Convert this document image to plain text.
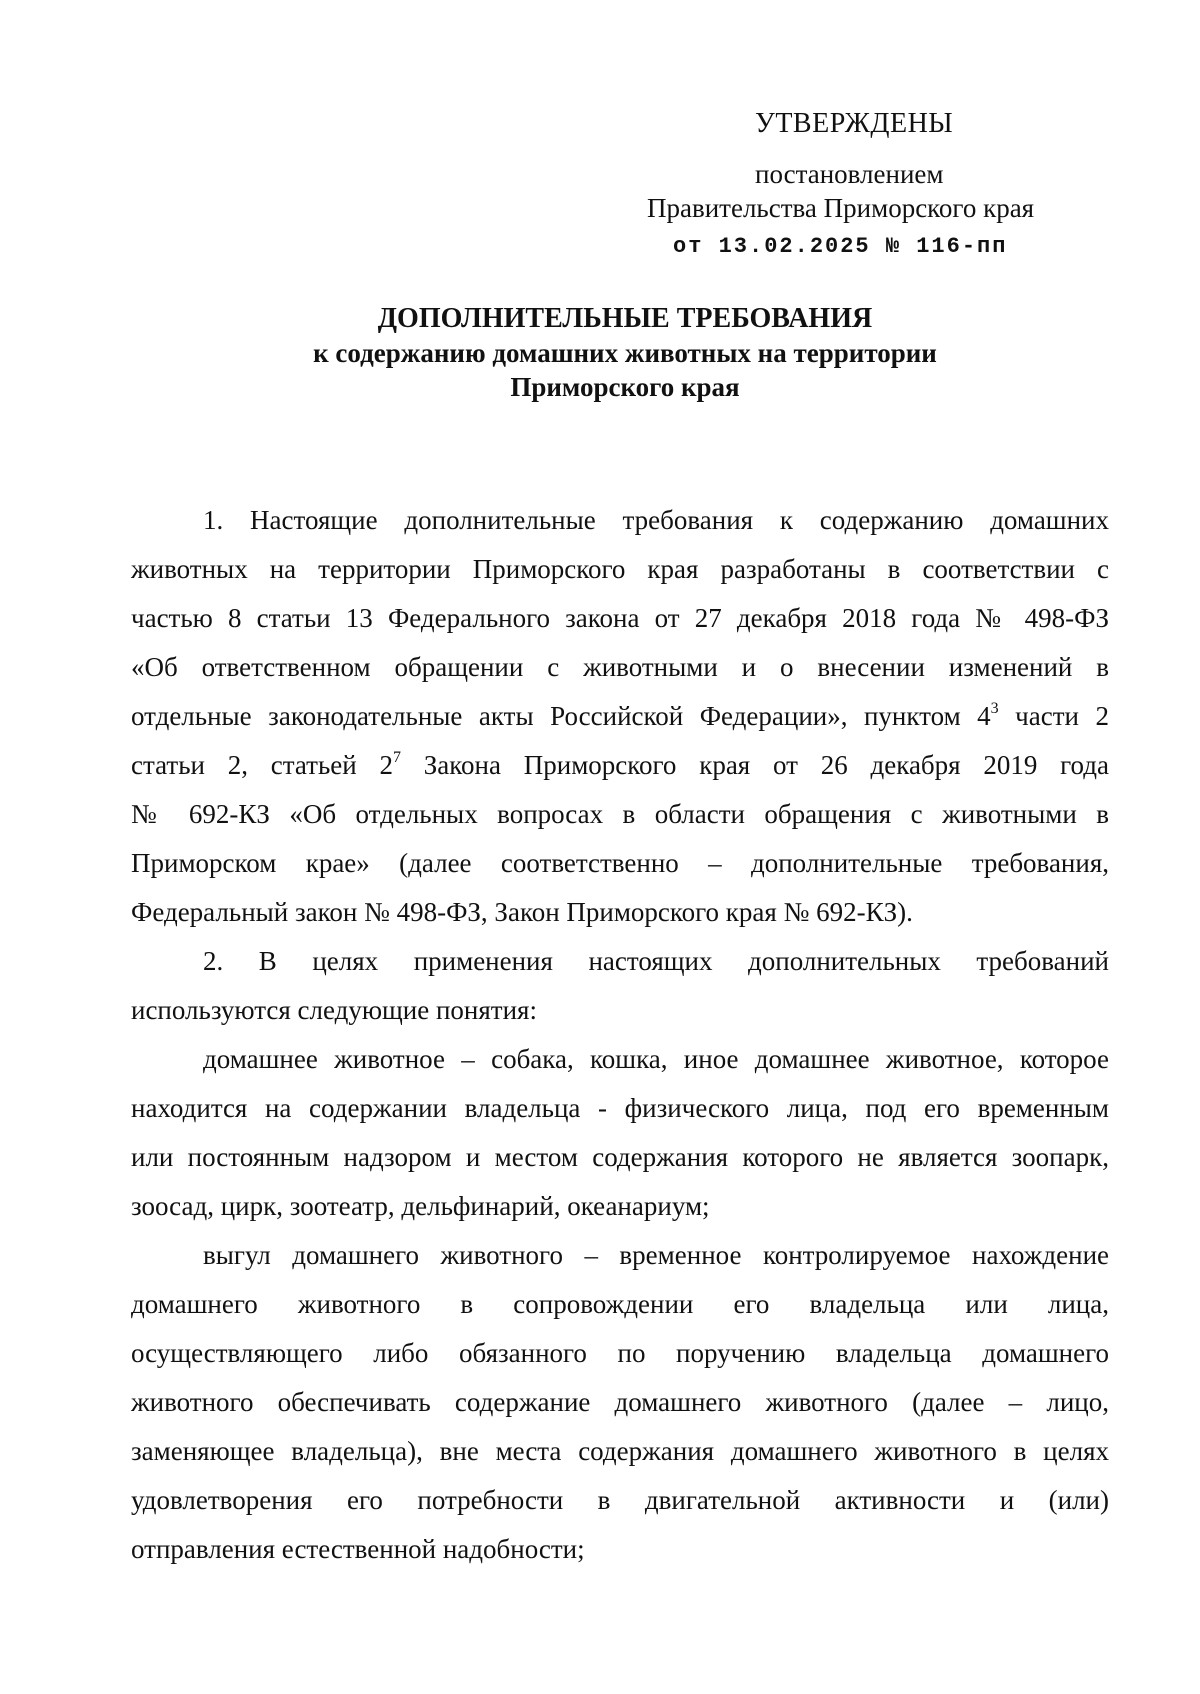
УТВЕРЖДЕНЫ
постановлением
Правительства Приморского края
от 13.02.2025 № 116-пп
ДОПОЛНИТЕЛЬНЫЕ ТРЕБОВАНИЯ
к содержанию домашних животных на территории
Приморского края
1. Настоящие дополнительные требования к содержанию домашних
животных на территории Приморского края разработаны в соответствии с
частью 8 статьи 13 Федерального закона от 27 декабря 2018 года № 498-ФЗ
«Об ответственном обращении с животными и о внесении изменений в
отдельные законодательные акты Российской Федерации», пунктом $4^3$ части 2
статьи 2, статьей $2^7$ Закона Приморского края от 26 декабря 2019 года
№ 692-КЗ «Об отдельных вопросах в области обращения с животными в
Приморском крае» (далее соответственно – дополнительные требования,
Федеральный закон № 498-ФЗ, Закон Приморского края № 692-КЗ).
2. В целях применения настоящих дополнительных требований
используются следующие понятия:
домашнее животное – собака, кошка, иное домашнее животное, которое
находится на содержании владельца - физического лица, под его временным
или постоянным надзором и местом содержания которого не является зоопарк,
зоосад, цирк, зоотеатр, дельфинарий, океанариум;
выгул домашнего животного – временное контролируемое нахождение
домашнего животного в сопровождении его владельца или лица,
осуществляющего либо обязанного по поручению владельца домашнего
животного обеспечивать содержание домашнего животного (далее – лицо,
заменяющее владельца), вне места содержания домашнего животного в целях
удовлетворения его потребности в двигательной активности и (или)
отправления естественной надобности;
